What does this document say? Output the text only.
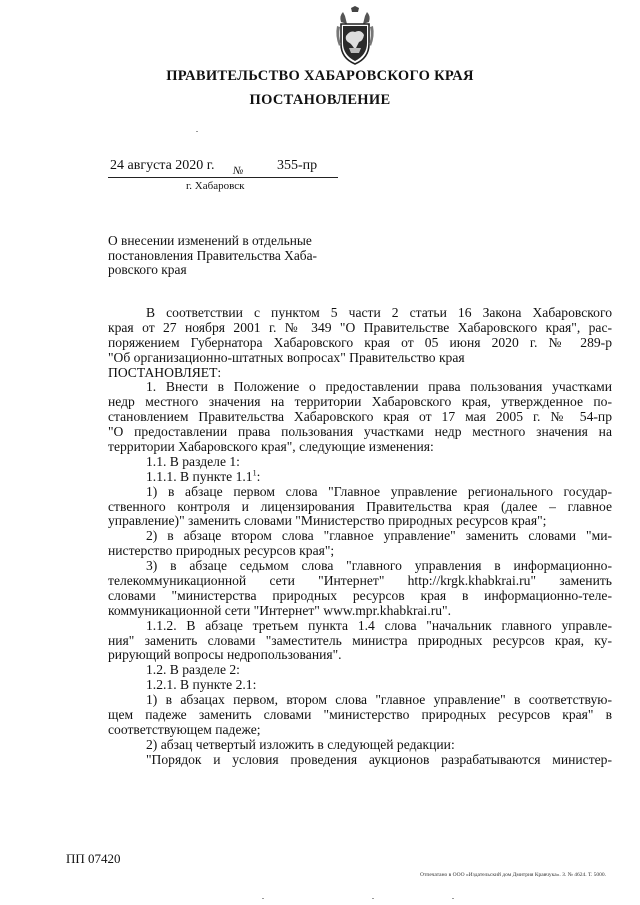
ПРАВИТЕЛЬСТВО ХАБАРОВСКОГО КРАЯ
ПОСТАНОВЛЕНИЕ
24 августа 2020 г. № 355-пр
г. Хабаровск
О внесении изменений в отдельные
постановления Правительства Хаба-
ровского края
В соответствии с пунктом 5 части 2 статьи 16 Закона Хабаровского
края от 27 ноября 2001 г. № 349 "О Правительстве Хабаровского края", рас-
поряжением Губернатора Хабаровского края от 05 июня 2020 г. № 289-р
"Об организационно-штатных вопросах" Правительство края
ПОСТАНОВЛЯЕТ:
1. Внести в Положение о предоставлении права пользования участками
недр местного значения на территории Хабаровского края, утвержденное по-
становлением Правительства Хабаровского края от 17 мая 2005 г. № 54-пр
"О предоставлении права пользования участками недр местного значения на
территории Хабаровского края", следующие изменения:
1.1. В разделе 1:
1.1.1. В пункте $1.1^1$:
1) в абзаце первом слова "Главное управление регионального государ-
ственного контроля и лицензирования Правительства края (далее – главное
управление)" заменить словами "Министерство природных ресурсов края";
2) в абзаце втором слова "главное управление" заменить словами "ми-
нистерство природных ресурсов края";
3) в абзаце седьмом слова "главного управления в информационно-
телекоммуникационной сети "Интернет" http://krgk.khabkrai.ru" заменить
словами "министерства природных ресурсов края в информационно-теле-
коммуникационной сети "Интернет" www.mpr.khabkrai.ru".
1.1.2. В абзаце третьем пункта 1.4 слова "начальник главного управле-
ния" заменить словами "заместитель министра природных ресурсов края, ку-
рирующий вопросы недропользования".
1.2. В разделе 2:
1.2.1. В пункте 2.1:
1) в абзацах первом, втором слова "главное управление" в соответствую-
щем падеже заменить словами "министерство природных ресурсов края" в
соответствующем падеже;
2) абзац четвертый изложить в следующей редакции:
"Порядок и условия проведения аукционов разрабатываются министер-
ПП 07420
Отпечатано в ООО «Издательский дом Дмитрия Кравчука». З. № 4624. Т. 5000.
